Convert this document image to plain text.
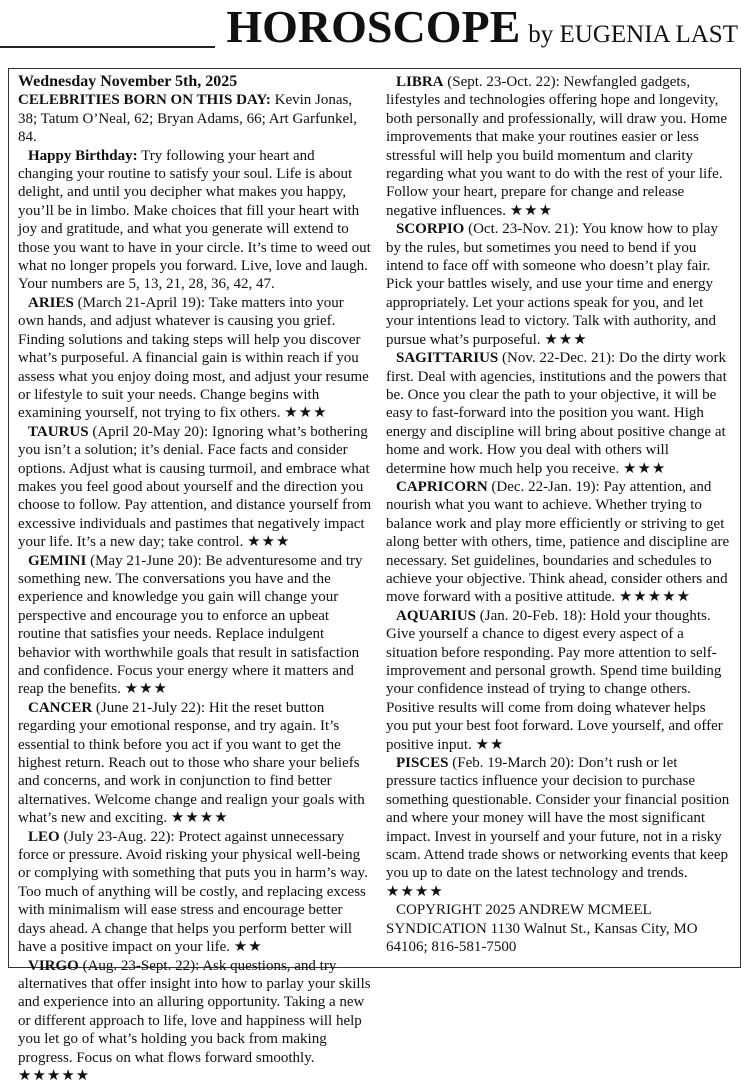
HOROSCOPE by EUGENIA LAST

Wednesday November 5th, 2025

CELEBRITIES BORN ON THIS DAY: Kevin Jonas, 38; Tatum O’Neal, 62; Bryan Adams, 66; Art Garfunkel, 84.

Happy Birthday: Try following your heart and changing your routine to satisfy your soul. Life is about delight, and until you decipher what makes you happy, you’ll be in limbo. Make choices that fill your heart with joy and gratitude, and what you generate will extend to those you want to have in your circle. It’s time to weed out what no longer propels you forward. Live, love and laugh. Your numbers are 5, 13, 21, 28, 36, 42, 47.

ARIES (March 21-April 19): Take matters into your own hands, and adjust whatever is causing you grief. Finding solutions and taking steps will help you discover what’s purposeful. A financial gain is within reach if you assess what you enjoy doing most, and adjust your resume or lifestyle to suit your needs. Change begins with examining yourself, not trying to fix others. ★★★

TAURUS (April 20-May 20): Ignoring what’s bothering you isn’t a solution; it’s denial. Face facts and consider options. Adjust what is causing turmoil, and embrace what makes you feel good about yourself and the direction you choose to follow. Pay attention, and distance yourself from excessive individuals and pastimes that negatively impact your life. It’s a new day; take control. ★★★

GEMINI (May 21-June 20): Be adventuresome and try something new. The conversations you have and the experience and knowledge you gain will change your perspective and encourage you to enforce an upbeat routine that satisfies your needs. Replace indulgent behavior with worthwhile goals that result in satisfaction and confidence. Focus your energy where it matters and reap the benefits. ★★★

CANCER (June 21-July 22): Hit the reset button regarding your emotional response, and try again. It’s essential to think before you act if you want to get the highest return. Reach out to those who share your beliefs and concerns, and work in conjunction to find better alternatives. Welcome change and realign your goals with what’s new and exciting. ★★★★

LEO (July 23-Aug. 22): Protect against unnecessary force or pressure. Avoid risking your physical well-being or complying with something that puts you in harm’s way. Too much of anything will be costly, and replacing excess with minimalism will ease stress and encourage better days ahead. A change that helps you perform better will have a positive impact on your life. ★★

VIRGO (Aug. 23-Sept. 22): Ask questions, and try alternatives that offer insight into how to parlay your skills and experience into an alluring opportunity. Taking a new or different approach to life, love and happiness will help you let go of what’s holding you back from making progress. Focus on what flows forward smoothly. ★★★★★

LIBRA (Sept. 23-Oct. 22): Newfangled gadgets, lifestyles and technologies offering hope and longevity, both personally and professionally, will draw you. Home improvements that make your routines easier or less stressful will help you build momentum and clarity regarding what you want to do with the rest of your life. Follow your heart, prepare for change and release negative influences. ★★★

SCORPIO (Oct. 23-Nov. 21): You know how to play by the rules, but sometimes you need to bend if you intend to face off with someone who doesn’t play fair. Pick your battles wisely, and use your time and energy appropriately. Let your actions speak for you, and let your intentions lead to victory. Talk with authority, and pursue what’s purposeful. ★★★

SAGITTARIUS (Nov. 22-Dec. 21): Do the dirty work first. Deal with agencies, institutions and the powers that be. Once you clear the path to your objective, it will be easy to fast-forward into the position you want. High energy and discipline will bring about positive change at home and work. How you deal with others will determine how much help you receive. ★★★

CAPRICORN (Dec. 22-Jan. 19): Pay attention, and nourish what you want to achieve. Whether trying to balance work and play more efficiently or striving to get along better with others, time, patience and discipline are necessary. Set guidelines, boundaries and schedules to achieve your objective. Think ahead, consider others and move forward with a positive attitude. ★★★★★

AQUARIUS (Jan. 20-Feb. 18): Hold your thoughts. Give yourself a chance to digest every aspect of a situation before responding. Pay more attention to self-improvement and personal growth. Spend time building your confidence instead of trying to change others. Positive results will come from doing whatever helps you put your best foot forward. Love yourself, and offer positive input. ★★

PISCES (Feb. 19-March 20): Don’t rush or let pressure tactics influence your decision to purchase something questionable. Consider your financial position and where your money will have the most significant impact. Invest in yourself and your future, not in a risky scam. Attend trade shows or networking events that keep you up to date on the latest technology and trends. ★★★★

COPYRIGHT 2025 ANDREW MCMEEL SYNDICATION 1130 Walnut St., Kansas City, MO 64106; 816-581-7500
